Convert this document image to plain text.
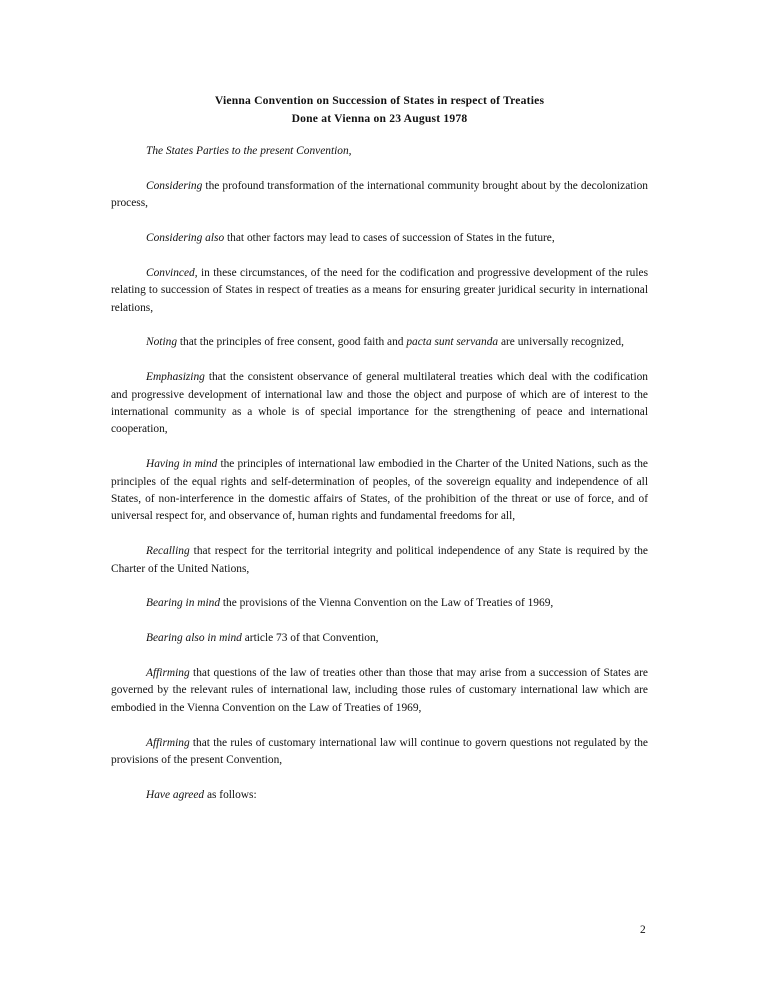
Vienna Convention on Succession of States in respect of Treaties
Done at Vienna on 23 August 1978

The States Parties to the present Convention,

Considering the profound transformation of the international community brought about by the decolonization process,

Considering also that other factors may lead to cases of succession of States in the future,

Convinced, in these circumstances, of the need for the codification and progressive development of the rules relating to succession of States in respect of treaties as a means for ensuring greater juridical security in international relations,

Noting that the principles of free consent, good faith and pacta sunt servanda are universally recognized,

Emphasizing that the consistent observance of general multilateral treaties which deal with the codification and progressive development of international law and those the object and purpose of which are of interest to the international community as a whole is of special importance for the strengthening of peace and international cooperation,

Having in mind the principles of international law embodied in the Charter of the United Nations, such as the principles of the equal rights and self-determination of peoples, of the sovereign equality and independence of all States, of non-interference in the domestic affairs of States, of the prohibition of the threat or use of force, and of universal respect for, and observance of, human rights and fundamental freedoms for all,

Recalling that respect for the territorial integrity and political independence of any State is required by the Charter of the United Nations,

Bearing in mind the provisions of the Vienna Convention on the Law of Treaties of 1969,

Bearing also in mind article 73 of that Convention,

Affirming that questions of the law of treaties other than those that may arise from a succession of States are governed by the relevant rules of international law, including those rules of customary international law which are embodied in the Vienna Convention on the Law of Treaties of 1969,

Affirming that the rules of customary international law will continue to govern questions not regulated by the provisions of the present Convention,

Have agreed as follows:

2
